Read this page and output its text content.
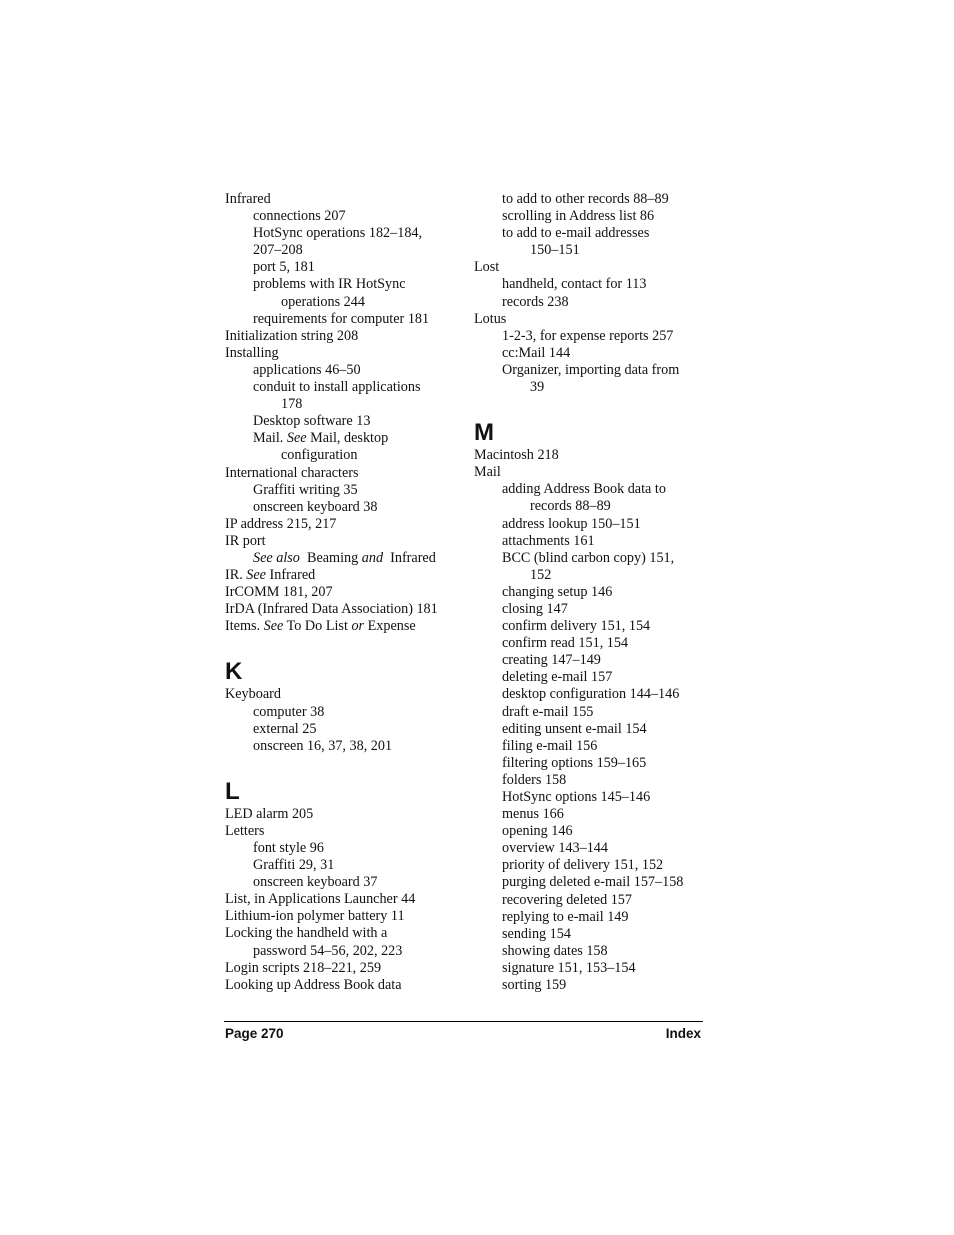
Infrared
connections 207
HotSync operations 182–184,
207–208
port 5, 181
problems with IR HotSync
operations 244
requirements for computer 181
Initialization string 208
Installing
applications 46–50
conduit to install applications
178
Desktop software 13
Mail. See Mail, desktop
configuration
International characters
Graffiti writing 35
onscreen keyboard 38
IP address 215, 217
IR port
See also  Beaming and  Infrared
IR. See Infrared
IrCOMM 181, 207
IrDA (Infrared Data Association) 181
Items. See To Do List or Expense
K
Keyboard
computer 38
external 25
onscreen 16, 37, 38, 201
L
LED alarm 205
Letters
font style 96
Graffiti 29, 31
onscreen keyboard 37
List, in Applications Launcher 44
Lithium-ion polymer battery 11
Locking the handheld with a
password 54–56, 202, 223
Login scripts 218–221, 259
Looking up Address Book data
to add to other records 88–89
scrolling in Address list 86
to add to e-mail addresses
150–151
Lost
handheld, contact for 113
records 238
Lotus
1-2-3, for expense reports 257
cc:Mail 144
Organizer, importing data from
39
M
Macintosh 218
Mail
adding Address Book data to
records 88–89
address lookup 150–151
attachments 161
BCC (blind carbon copy) 151,
152
changing setup 146
closing 147
confirm delivery 151, 154
confirm read 151, 154
creating 147–149
deleting e-mail 157
desktop configuration 144–146
draft e-mail 155
editing unsent e-mail 154
filing e-mail 156
filtering options 159–165
folders 158
HotSync options 145–146
menus 166
opening 146
overview 143–144
priority of delivery 151, 152
purging deleted e-mail 157–158
recovering deleted 157
replying to e-mail 149
sending 154
showing dates 158
signature 151, 153–154
sorting 159
Page 270	Index
